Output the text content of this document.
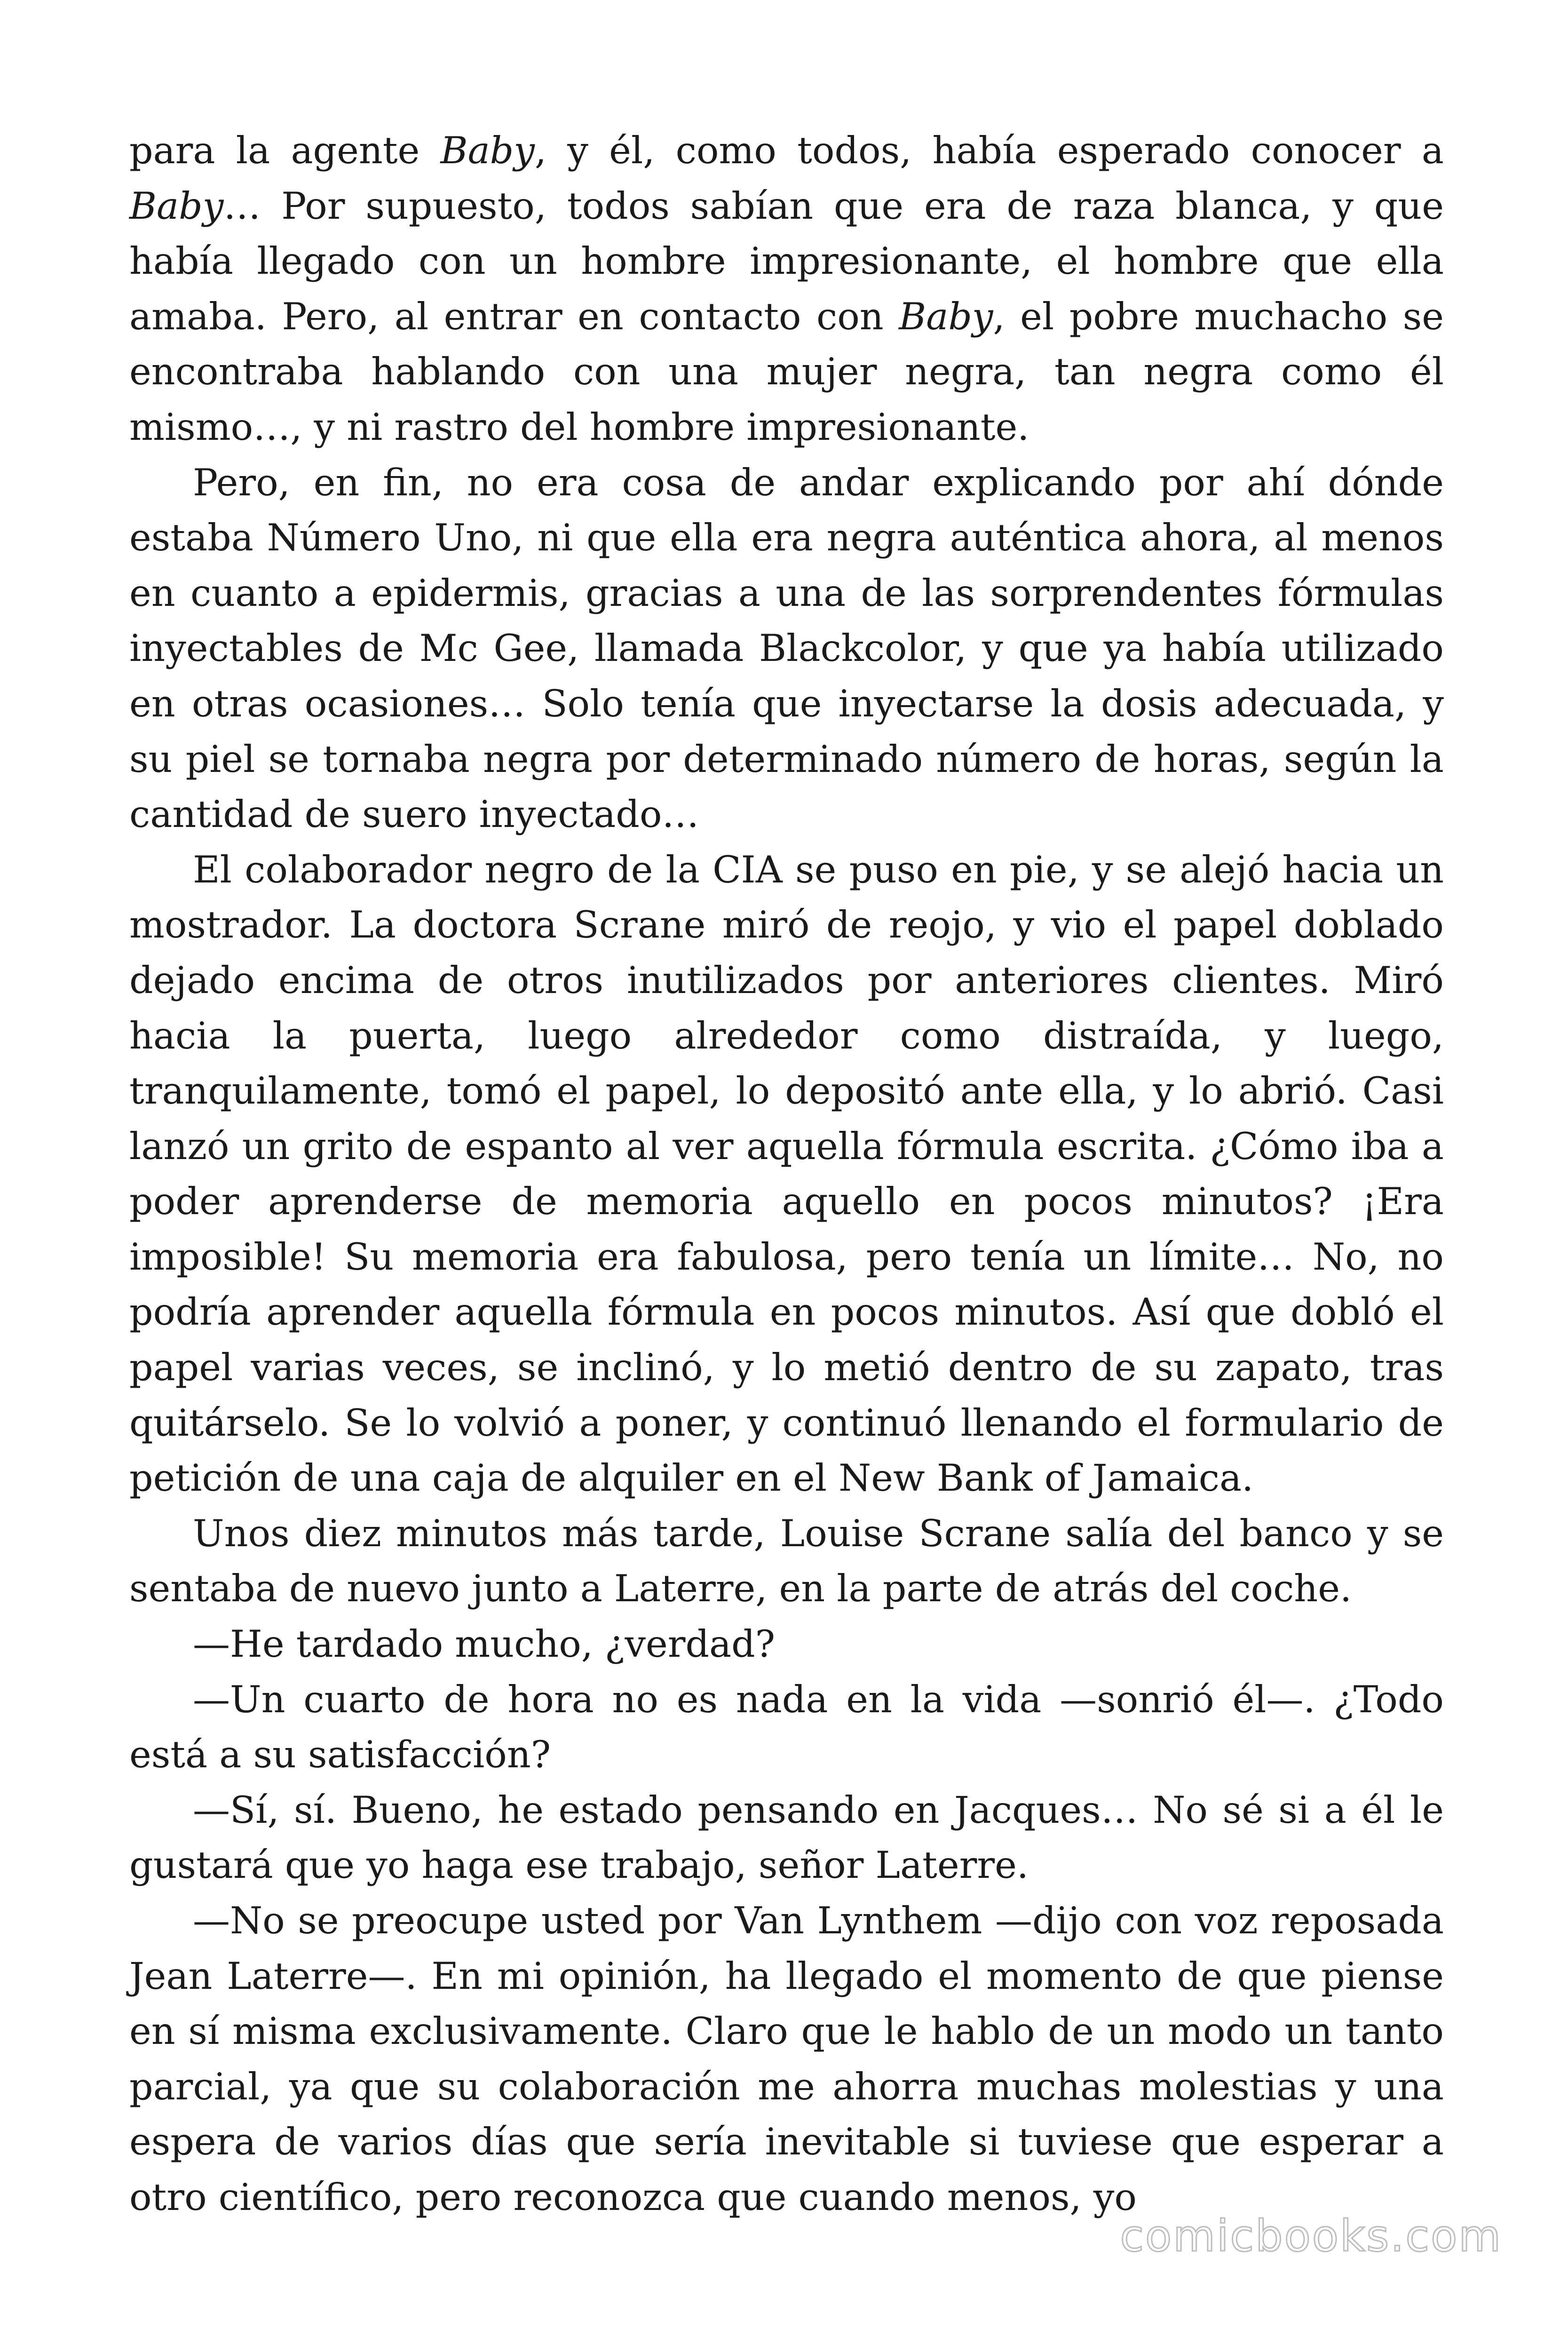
para la agente Baby, y él, como todos, había esperado conocer a Baby… Por supuesto, todos sabían que era de raza blanca, y que había llegado con un hombre impresionante, el hombre que ella amaba. Pero, al entrar en contacto con Baby, el pobre muchacho se encontraba hablando con una mujer negra, tan negra como él mismo…, y ni rastro del hombre impresionante.

Pero, en fin, no era cosa de andar explicando por ahí dónde estaba Número Uno, ni que ella era negra auténtica ahora, al menos en cuanto a epidermis, gracias a una de las sorprendentes fórmulas inyectables de Mc Gee, llamada Blackcolor, y que ya había utilizado en otras ocasiones… Solo tenía que inyectarse la dosis adecuada, y su piel se tornaba negra por determinado número de horas, según la cantidad de suero inyectado…

El colaborador negro de la CIA se puso en pie, y se alejó hacia un mostrador. La doctora Scrane miró de reojo, y vio el papel doblado dejado encima de otros inutilizados por anteriores clientes. Miró hacia la puerta, luego alrededor como distraída, y luego, tranquilamente, tomó el papel, lo depositó ante ella, y lo abrió. Casi lanzó un grito de espanto al ver aquella fórmula escrita. ¿Cómo iba a poder aprenderse de memoria aquello en pocos minutos? ¡Era imposible! Su memoria era fabulosa, pero tenía un límite… No, no podría aprender aquella fórmula en pocos minutos. Así que dobló el papel varias veces, se inclinó, y lo metió dentro de su zapato, tras quitárselo. Se lo volvió a poner, y continuó llenando el formulario de petición de una caja de alquiler en el New Bank of Jamaica.

Unos diez minutos más tarde, Louise Scrane salía del banco y se sentaba de nuevo junto a Laterre, en la parte de atrás del coche.

—He tardado mucho, ¿verdad?

—Un cuarto de hora no es nada en la vida —sonrió él—. ¿Todo está a su satisfacción?

—Sí, sí. Bueno, he estado pensando en Jacques… No sé si a él le gustará que yo haga ese trabajo, señor Laterre.

—No se preocupe usted por Van Lynthem —dijo con voz reposada Jean Laterre—. En mi opinión, ha llegado el momento de que piense en sí misma exclusivamente. Claro que le hablo de un modo un tanto parcial, ya que su colaboración me ahorra muchas molestias y una espera de varios días que sería inevitable si tuviese que esperar a otro científico, pero reconozca que cuando menos, yo

comicbooks.com
